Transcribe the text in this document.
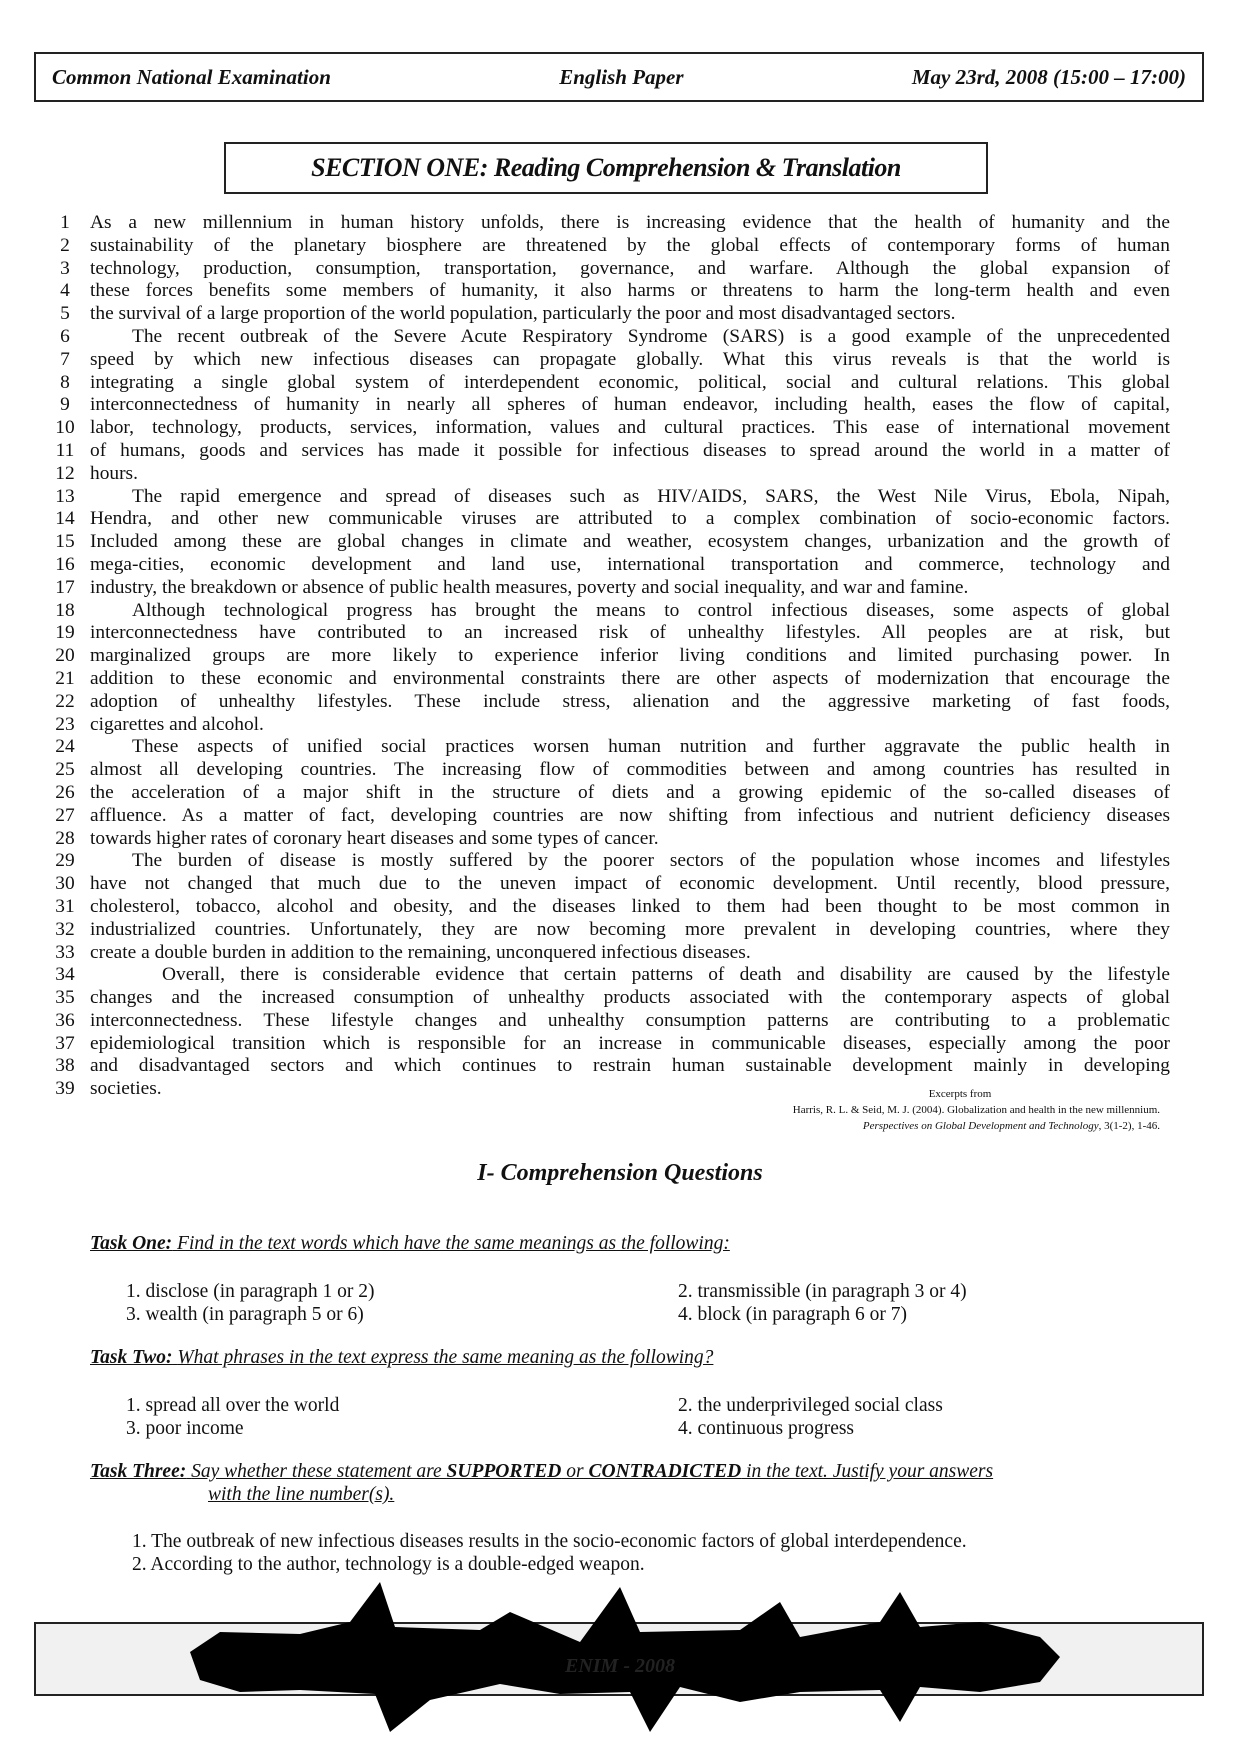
Common National Examination	English Paper	May 23rd, 2008 (15:00 – 17:00)
SECTION ONE: Reading Comprehension & Translation
1	As a new millennium in human history unfolds, there is increasing evidence that the health of humanity and the
2	sustainability of the planetary biosphere are threatened by the global effects of contemporary forms of human
3	technology, production, consumption, transportation, governance, and warfare. Although the global expansion of
4	these forces benefits some members of humanity, it also harms or threatens to harm the long-term health and even
5	the survival of a large proportion of the world population, particularly the poor and most disadvantaged sectors.
6	The recent outbreak of the Severe Acute Respiratory Syndrome (SARS) is a good example of the unprecedented
7	speed by which new infectious diseases can propagate globally. What this virus reveals is that the world is
8	integrating a single global system of interdependent economic, political, social and cultural relations. This global
9	interconnectedness of humanity in nearly all spheres of human endeavor, including health, eases the flow of capital,
10 labor, technology, products, services, information, values and cultural practices. This ease of international movement
11 of humans, goods and services has made it possible for infectious diseases to spread around the world in a matter of
12 hours.
13	The rapid emergence and spread of diseases such as HIV/AIDS, SARS, the West Nile Virus, Ebola, Nipah,
14 Hendra, and other new communicable viruses are attributed to a complex combination of socio-economic factors.
15 Included among these are global changes in climate and weather, ecosystem changes, urbanization and the growth of
16 mega-cities, economic development and land use, international transportation and commerce, technology and
17 industry, the breakdown or absence of public health measures, poverty and social inequality, and war and famine.
18	Although technological progress has brought the means to control infectious diseases, some aspects of global
19 interconnectedness have contributed to an increased risk of unhealthy lifestyles. All peoples are at risk, but
20 marginalized groups are more likely to experience inferior living conditions and limited purchasing power. In
21 addition to these economic and environmental constraints there are other aspects of modernization that encourage the
22 adoption of unhealthy lifestyles. These include stress, alienation and the aggressive marketing of fast foods,
23 cigarettes and alcohol.
24	These aspects of unified social practices worsen human nutrition and further aggravate the public health in
25 almost all developing countries. The increasing flow of commodities between and among countries has resulted in
26 the acceleration of a major shift in the structure of diets and a growing epidemic of the so-called diseases of
27 affluence. As a matter of fact, developing countries are now shifting from infectious and nutrient deficiency diseases
28 towards higher rates of coronary heart diseases and some types of cancer.
29	The burden of disease is mostly suffered by the poorer sectors of the population whose incomes and lifestyles
30 have not changed that much due to the uneven impact of economic development. Until recently, blood pressure,
31 cholesterol, tobacco, alcohol and obesity, and the diseases linked to them had been thought to be most common in
32 industrialized countries. Unfortunately, they are now becoming more prevalent in developing countries, where they
33 create a double burden in addition to the remaining, unconquered infectious diseases.
34	Overall, there is considerable evidence that certain patterns of death and disability are caused by the lifestyle
35 changes and the increased consumption of unhealthy products associated with the contemporary aspects of global
36 interconnectedness. These lifestyle changes and unhealthy consumption patterns are contributing to a problematic
37 epidemiological transition which is responsible for an increase in communicable diseases, especially among the poor
38 and disadvantaged sectors and which continues to restrain human sustainable development mainly in developing
39 societies.	Excerpts from
Harris, R. L. & Seid, M. J. (2004). Globalization and health in the new millennium.
Perspectives on Global Development and Technology, 3(1-2), 1-46.
I- Comprehension Questions
Task One: Find in the text words which have the same meanings as the following:
1. disclose (in paragraph 1 or 2)	2. transmissible (in paragraph 3 or 4)
3. wealth (in paragraph 5 or 6)	4. block (in paragraph 6 or 7)
Task Two: What phrases in the text express the same meaning as the following?
1. spread all over the world	2. the underprivileged social class
3. poor income	4. continuous progress
Task Three: Say whether these statement are SUPPORTED or CONTRADICTED in the text. Justify your answers
with the line number(s).
1. The outbreak of new infectious diseases results in the socio-economic factors of global interdependence.
2. According to the author, technology is a double-edged weapon.
ENIM - 2008
